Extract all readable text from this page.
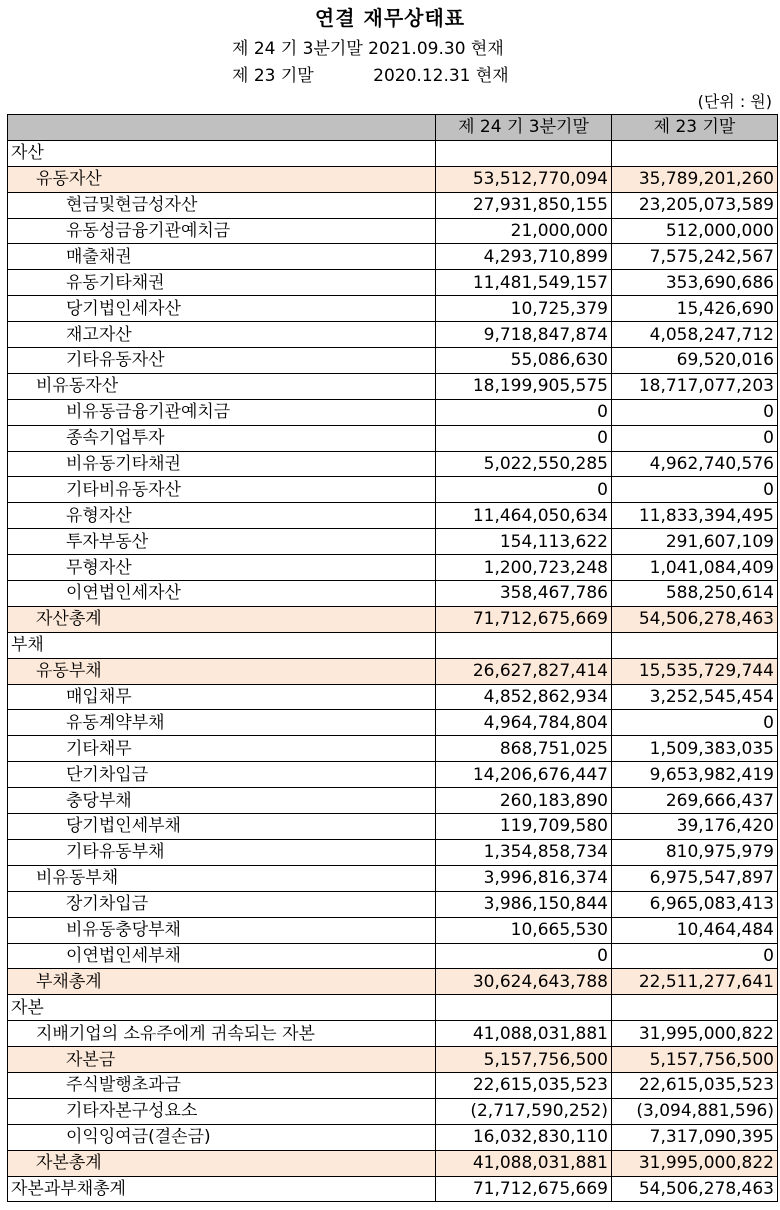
연결 재무상태표
제 24 기 3분기말 2021.09.30 현재
제 23 기말           2020.12.31 현재
(단위 : 원)
	제 24 기 3분기말	제 23 기말
자산		
유동자산	53,512,770,094	35,789,201,260
현금및현금성자산	27,931,850,155	23,205,073,589
유동성금융기관예치금	21,000,000	512,000,000
매출채권	4,293,710,899	7,575,242,567
유동기타채권	11,481,549,157	353,690,686
당기법인세자산	10,725,379	15,426,690
재고자산	9,718,847,874	4,058,247,712
기타유동자산	55,086,630	69,520,016
비유동자산	18,199,905,575	18,717,077,203
비유동금융기관예치금	0	0
종속기업투자	0	0
비유동기타채권	5,022,550,285	4,962,740,576
기타비유동자산	0	0
유형자산	11,464,050,634	11,833,394,495
투자부동산	154,113,622	291,607,109
무형자산	1,200,723,248	1,041,084,409
이연법인세자산	358,467,786	588,250,614
자산총계	71,712,675,669	54,506,278,463
부채		
유동부채	26,627,827,414	15,535,729,744
매입채무	4,852,862,934	3,252,545,454
유동계약부채	4,964,784,804	0
기타채무	868,751,025	1,509,383,035
단기차입금	14,206,676,447	9,653,982,419
충당부채	260,183,890	269,666,437
당기법인세부채	119,709,580	39,176,420
기타유동부채	1,354,858,734	810,975,979
비유동부채	3,996,816,374	6,975,547,897
장기차입금	3,986,150,844	6,965,083,413
비유동충당부채	10,665,530	10,464,484
이연법인세부채	0	0
부채총계	30,624,643,788	22,511,277,641
자본		
지배기업의 소유주에게 귀속되는 자본	41,088,031,881	31,995,000,822
자본금	5,157,756,500	5,157,756,500
주식발행초과금	22,615,035,523	22,615,035,523
기타자본구성요소	(2,717,590,252)	(3,094,881,596)
이익잉여금(결손금)	16,032,830,110	7,317,090,395
자본총계	41,088,031,881	31,995,000,822
자본과부채총계	71,712,675,669	54,506,278,463
